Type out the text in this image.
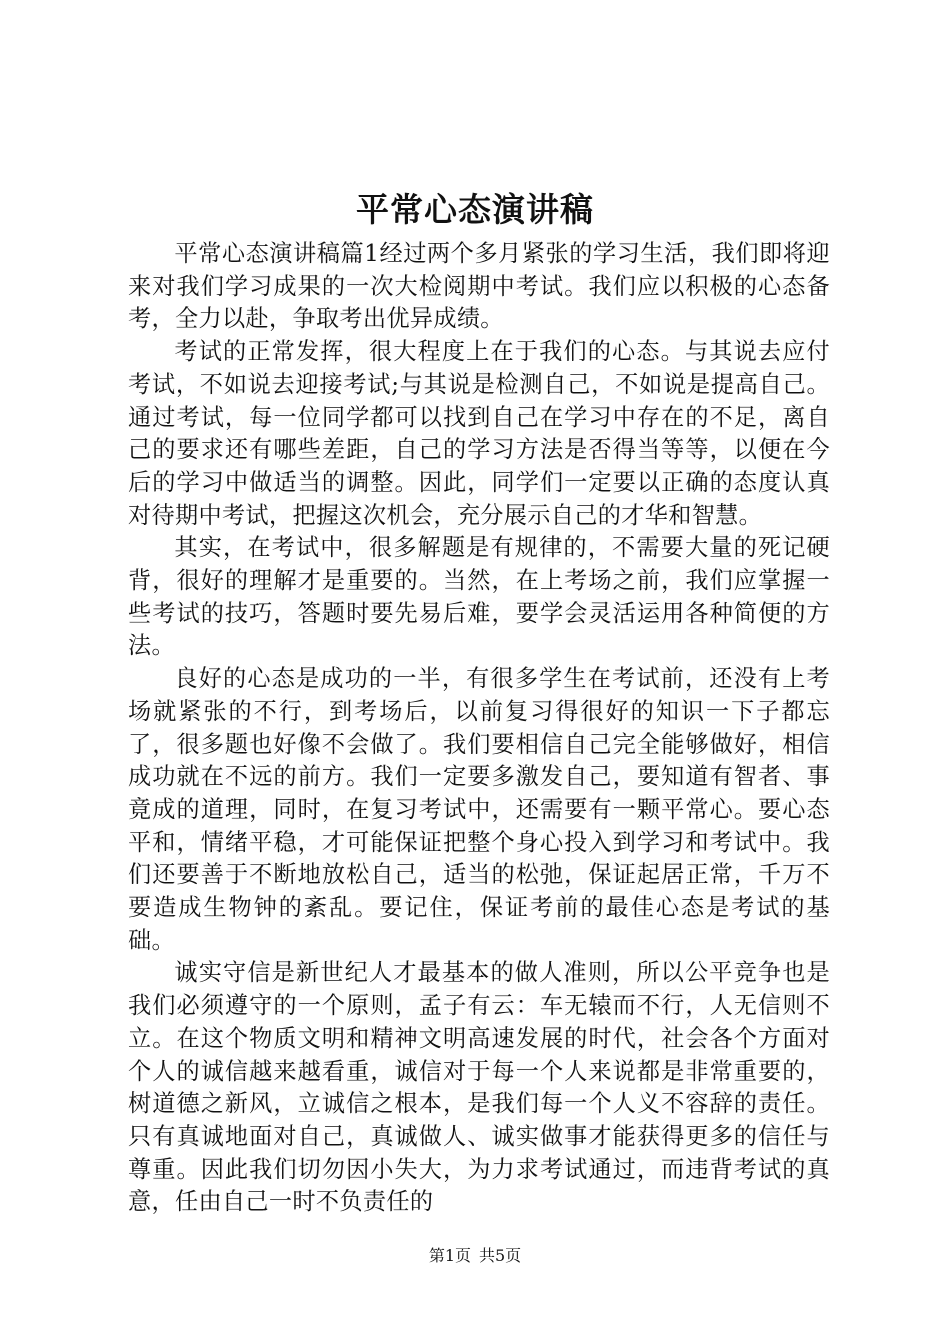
平常心态演讲稿

平常心态演讲稿篇1经过两个多月紧张的学习生活，我们即将迎来对我们学习成果的一次大检阅期中考试。我们应以积极的心态备考，全力以赴，争取考出优异成绩。

考试的正常发挥，很大程度上在于我们的心态。与其说去应付考试，不如说去迎接考试;与其说是检测自己，不如说是提高自己。通过考试，每一位同学都可以找到自己在学习中存在的不足，离自己的要求还有哪些差距，自己的学习方法是否得当等等，以便在今后的学习中做适当的调整。因此，同学们一定要以正确的态度认真对待期中考试，把握这次机会，充分展示自己的才华和智慧。

其实，在考试中，很多解题是有规律的，不需要大量的死记硬背，很好的理解才是重要的。当然，在上考场之前，我们应掌握一些考试的技巧，答题时要先易后难，要学会灵活运用各种简便的方法。

良好的心态是成功的一半，有很多学生在考试前，还没有上考场就紧张的不行，到考场后，以前复习得很好的知识一下子都忘了，很多题也好像不会做了。我们要相信自己完全能够做好，相信成功就在不远的前方。我们一定要多激发自己，要知道有智者、事竟成的道理，同时，在复习考试中，还需要有一颗平常心。要心态平和，情绪平稳，才可能保证把整个身心投入到学习和考试中。我们还要善于不断地放松自己，适当的松弛，保证起居正常，千万不要造成生物钟的紊乱。要记住，保证考前的最佳心态是考试的基础。

诚实守信是新世纪人才最基本的做人准则，所以公平竞争也是我们必须遵守的一个原则，孟子有云：车无辕而不行，人无信则不立。在这个物质文明和精神文明高速发展的时代，社会各个方面对个人的诚信越来越看重，诚信对于每一个人来说都是非常重要的，树道德之新风，立诚信之根本，是我们每一个人义不容辞的责任。只有真诚地面对自己，真诚做人、诚实做事才能获得更多的信任与尊重。因此我们切勿因小失大，为力求考试通过，而违背考试的真意，任由自己一时不负责任的

第1页 共5页
